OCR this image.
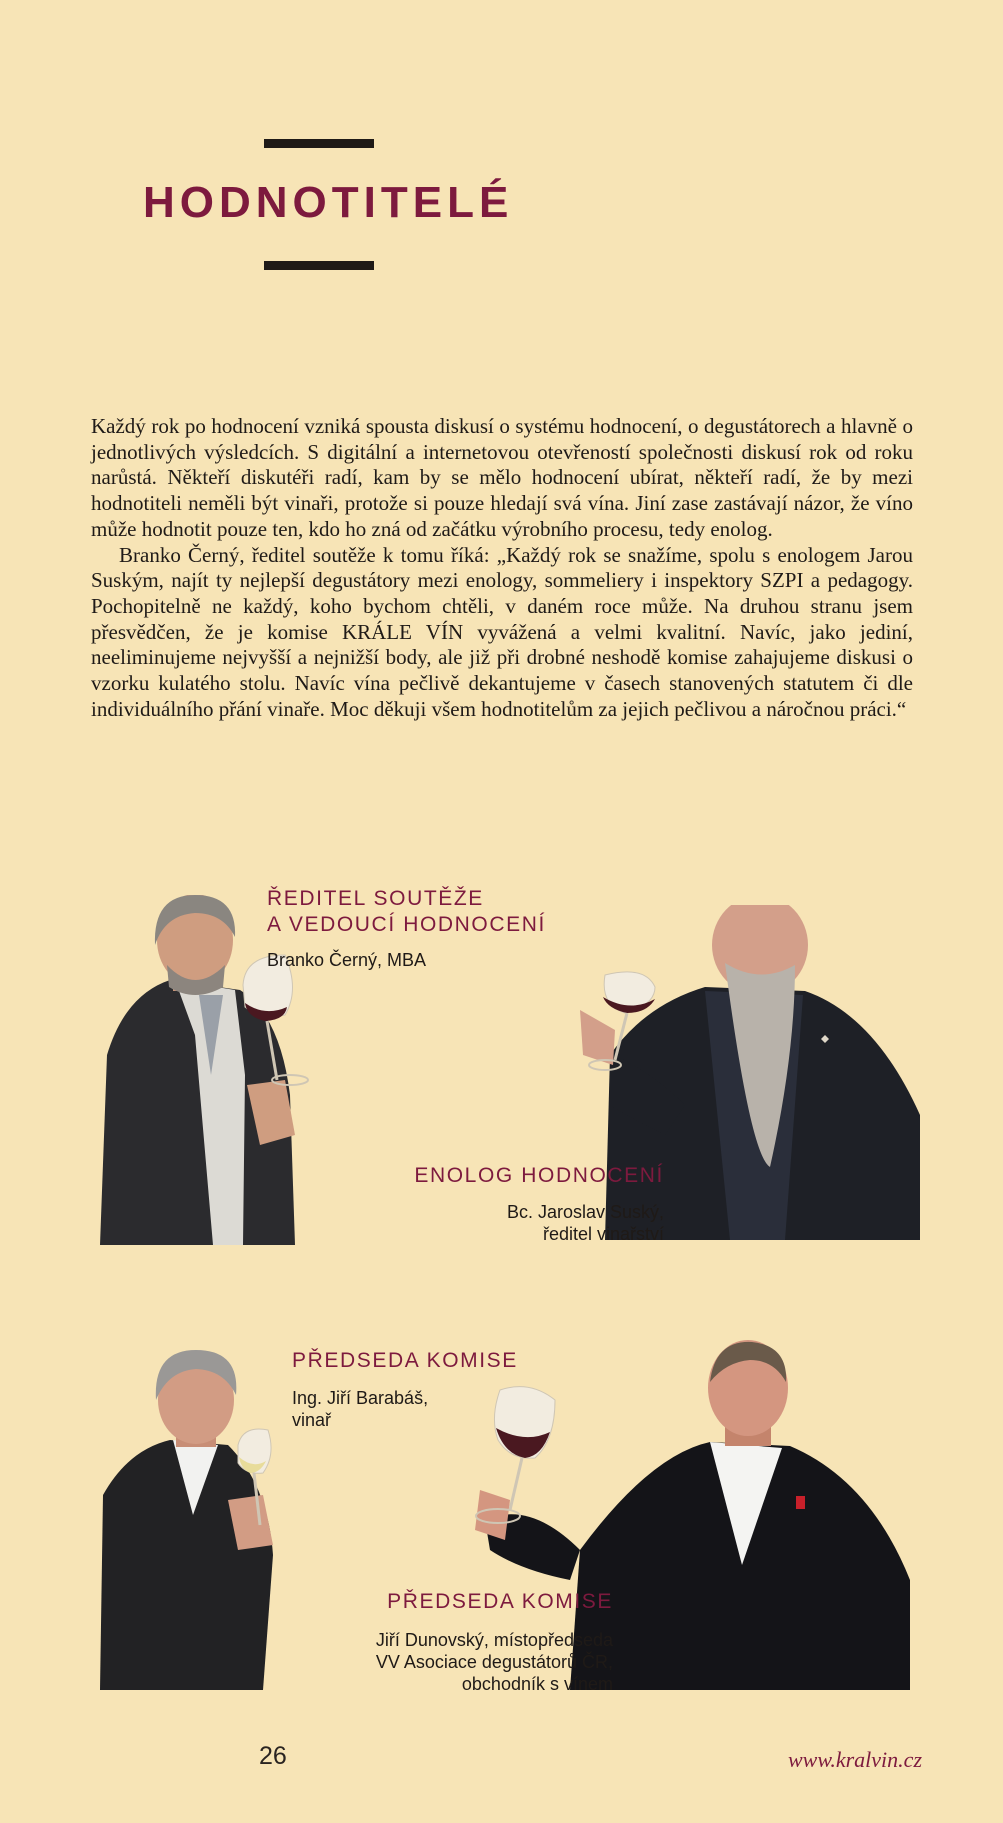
HODNOTITELÉ

Každý rok po hodnocení vzniká spousta diskusí o systému hodnocení, o degustátorech a hlavně o jednotlivých výsledcích. S digitální a internetovou otevřeností společnosti diskusí rok od roku narůstá. Někteří diskutéři radí, kam by se mělo hodnocení ubírat, někteří radí, že by mezi hodnotiteli neměli být vinaři, protože si pouze hledají svá vína. Jiní zase zastávají názor, že víno může hodnotit pouze ten, kdo ho zná od začátku výrobního procesu, tedy enolog.

Branko Černý, ředitel soutěže k tomu říká: „Každý rok se snažíme, spolu s enologem Jarou Suským, najít ty nejlepší degustátory mezi enology, sommeliery i inspektory SZPI a pedagogy. Pochopitelně ne každý, koho bychom chtěli, v daném roce může. Na druhou stranu jsem přesvědčen, že je komise KRÁLE VÍN vyvážená a velmi kvalitní. Navíc, jako jediní, neeliminujeme nejvyšší a nejnižší body, ale již při drobné neshodě komise zahajujeme diskusi o vzorku kulatého stolu. Navíc vína pečlivě dekantujeme v časech stanovených statutem či dle individuálního přání vinaře. Moc děkuji všem hodnotitelům za jejich pečlivou a náročnou práci.“

ŘEDITEL SOUTĚŽE
A VEDOUCÍ HODNOCENÍ
Branko Černý, MBA
ENOLOG HODNOCENÍ
Bc. Jaroslav Suský,
ředitel vinařství
PŘEDSEDA KOMISE
Ing. Jiří Barabáš,
vinař
PŘEDSEDA KOMISE
Jiří Dunovský, místopředseda
VV Asociace degustátorů ČR,
obchodník s vínem
26	www.kralvin.cz
